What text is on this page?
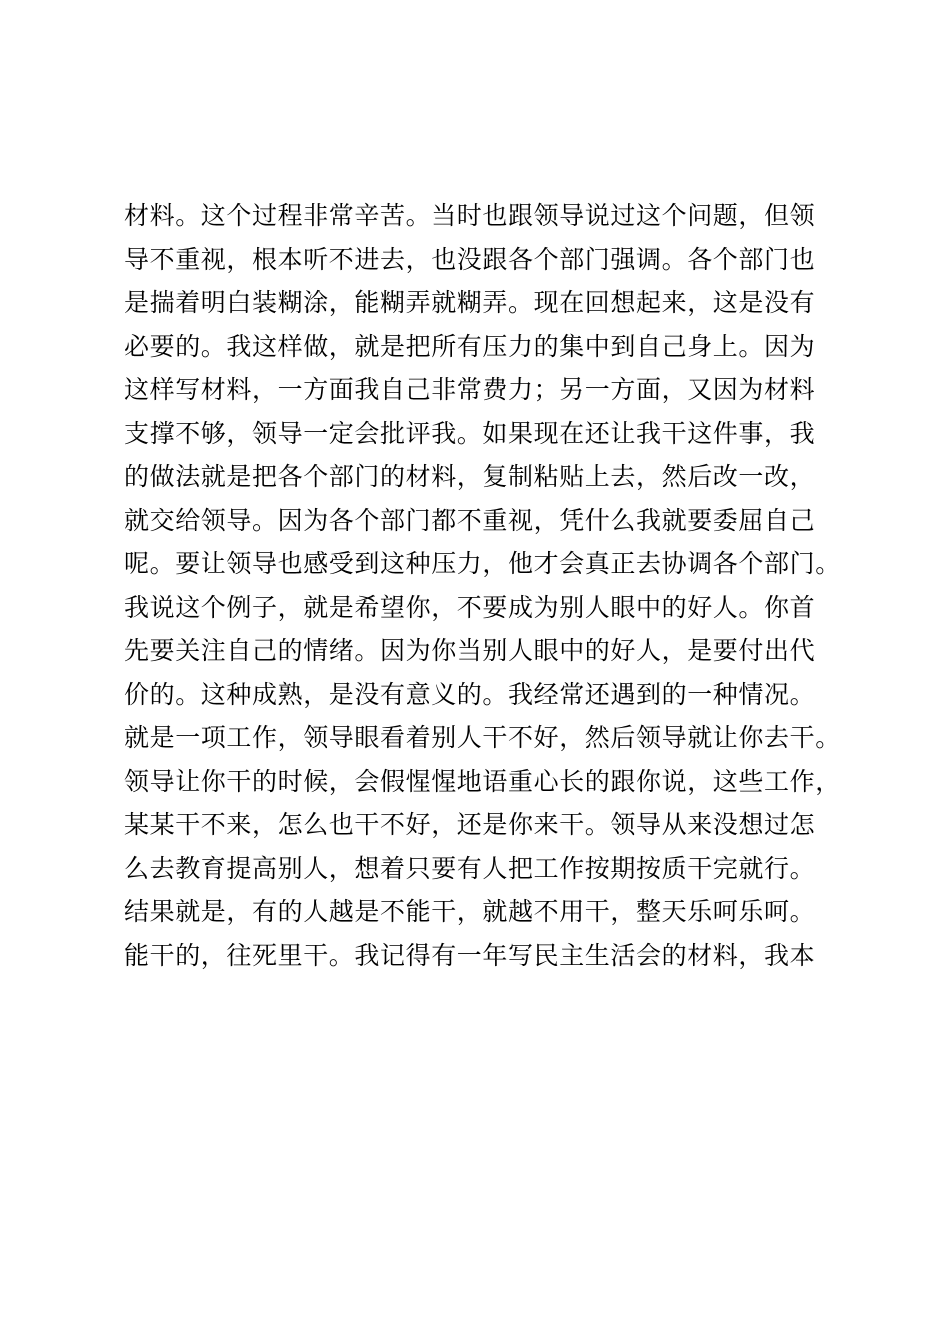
材料。这个过程非常辛苦。当时也跟领导说过这个问题，但领
导不重视，根本听不进去，也没跟各个部门强调。各个部门也
是揣着明白装糊涂，能糊弄就糊弄。现在回想起来，这是没有
必要的。我这样做，就是把所有压力的集中到自己身上。因为
这样写材料，一方面我自己非常费力；另一方面，又因为材料
支撑不够，领导一定会批评我。如果现在还让我干这件事，我
的做法就是把各个部门的材料，复制粘贴上去，然后改一改，
就交给领导。因为各个部门都不重视，凭什么我就要委屈自己
呢。要让领导也感受到这种压力，他才会真正去协调各个部门。
我说这个例子，就是希望你，不要成为别人眼中的好人。你首
先要关注自己的情绪。因为你当别人眼中的好人，是要付出代
价的。这种成熟，是没有意义的。我经常还遇到的一种情况。
就是一项工作，领导眼看着别人干不好，然后领导就让你去干。
领导让你干的时候，会假惺惺地语重心长的跟你说，这些工作，
某某干不来，怎么也干不好，还是你来干。领导从来没想过怎
么去教育提高别人，想着只要有人把工作按期按质干完就行。
结果就是，有的人越是不能干，就越不用干，整天乐呵乐呵。
能干的，往死里干。我记得有一年写民主生活会的材料，我本
